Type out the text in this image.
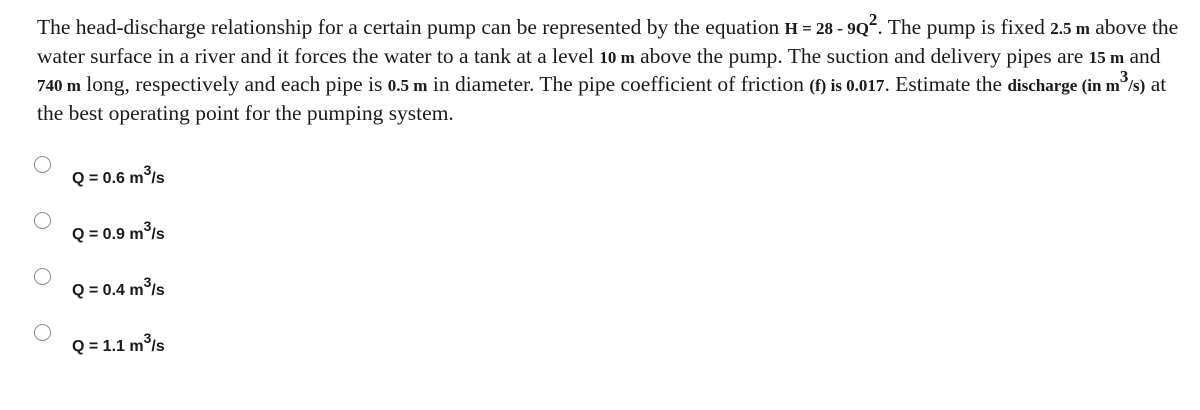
The head-discharge relationship for a certain pump can be represented by the equation $H = 28 - 9Q^2$. The pump is fixed 2.5 m above the water surface in a river and it forces the water to a tank at a level 10 m above the pump. The suction and delivery pipes are 15 m and 740 m long, respectively and each pipe is 0.5 m in diameter. The pipe coefficient of friction (f) is 0.017. Estimate the discharge (in $m^3/s$) at the best operating point for the pumping system.

Q = 0.6 $m^3/s$
Q = 0.9 $m^3/s$
Q = 0.4 $m^3/s$
Q = 1.1 $m^3/s$
